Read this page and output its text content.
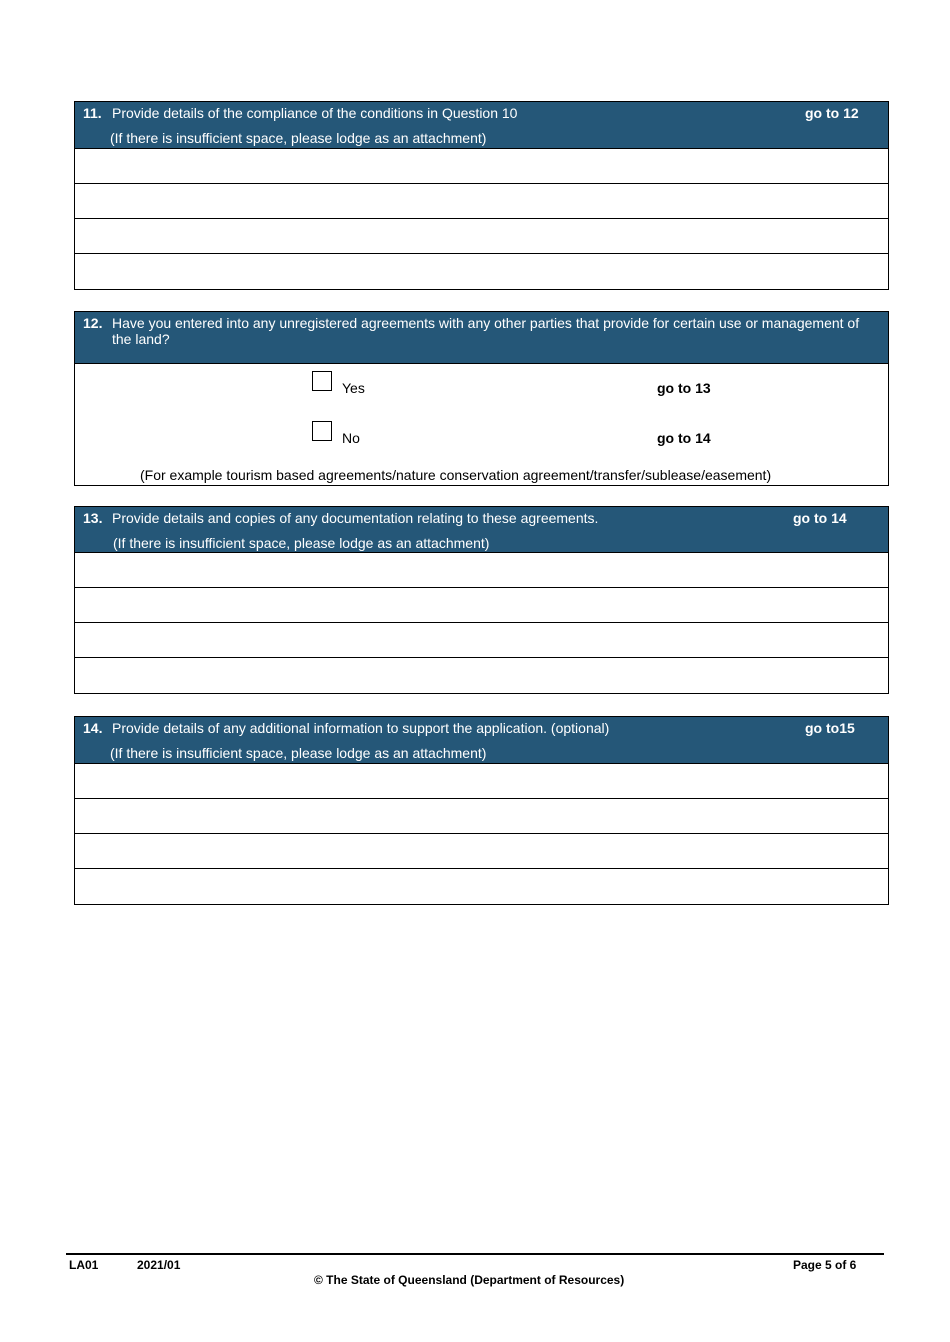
11. Provide details of the compliance of the conditions in Question 10
(If there is insufficient space, please lodge as an attachment)
go to 12
12. Have you entered into any unregistered agreements with any other parties that provide for certain use or management of the land?
Yes	go to 13
No	go to 14
(For example tourism based agreements/nature conservation agreement/transfer/sublease/easement)
13. Provide details and copies of any documentation relating to these agreements.
(If there is insufficient space, please lodge as an attachment)
go to 14
14. Provide details of any additional information to support the application. (optional)
(If there is insufficient space, please lodge as an attachment)
go to15
LA01	2021/01
© The State of Queensland (Department of Resources)
Page 5 of 6
